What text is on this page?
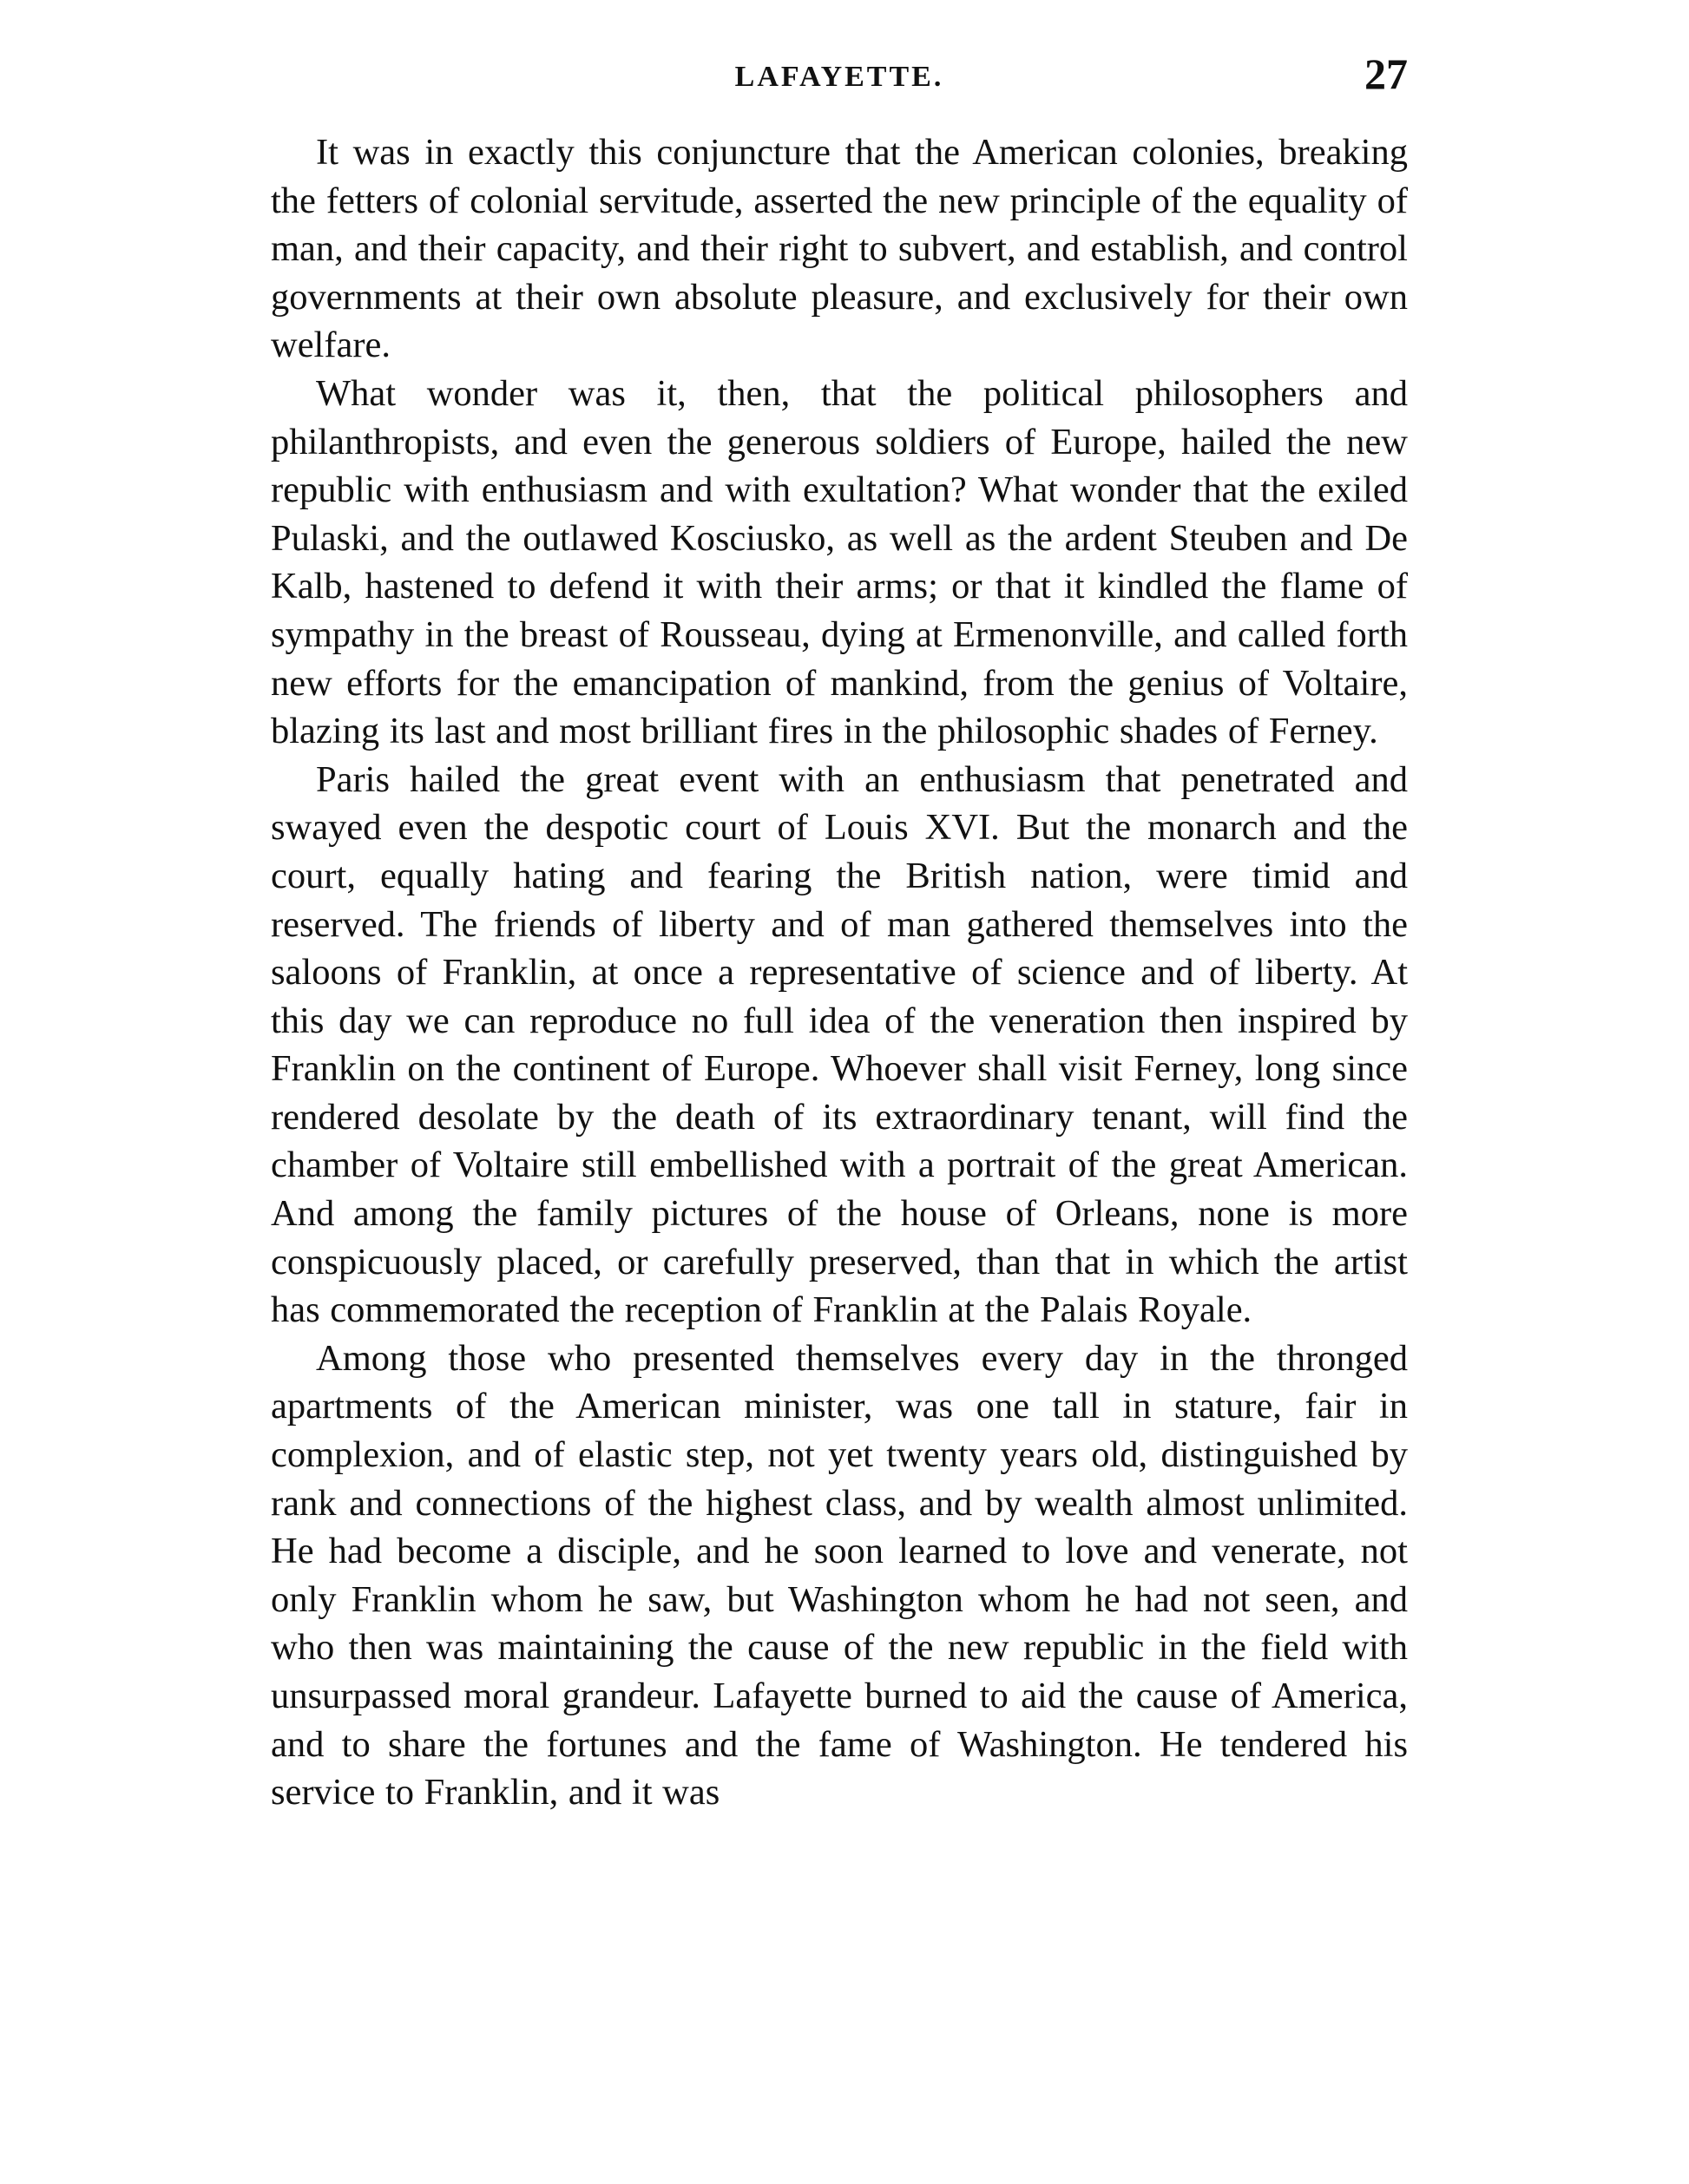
LAFAYETTE.	27

It was in exactly this conjuncture that the American colonies, breaking the fetters of colonial servitude, asserted the new principle of the equality of man, and their capacity, and their right to subvert, and establish, and control governments at their own absolute pleasure, and exclusively for their own welfare.

What wonder was it, then, that the political philosophers and philanthropists, and even the generous soldiers of Europe, hailed the new republic with enthusiasm and with exultation? What wonder that the exiled Pulaski, and the outlawed Kosciusko, as well as the ardent Steuben and De Kalb, hastened to defend it with their arms; or that it kindled the flame of sympathy in the breast of Rousseau, dying at Ermenonville, and called forth new efforts for the emancipation of mankind, from the genius of Voltaire, blazing its last and most brilliant fires in the philosophic shades of Ferney.

Paris hailed the great event with an enthusiasm that penetrated and swayed even the despotic court of Louis XVI. But the monarch and the court, equally hating and fearing the British nation, were timid and reserved. The friends of liberty and of man gathered themselves into the saloons of Franklin, at once a representative of science and of liberty. At this day we can reproduce no full idea of the veneration then inspired by Franklin on the continent of Europe. Whoever shall visit Ferney, long since rendered desolate by the death of its extraordinary tenant, will find the chamber of Voltaire still embellished with a portrait of the great American. And among the family pictures of the house of Orleans, none is more conspicuously placed, or carefully preserved, than that in which the artist has commemorated the reception of Franklin at the Palais Royale.

Among those who presented themselves every day in the thronged apartments of the American minister, was one tall in stature, fair in complexion, and of elastic step, not yet twenty years old, distinguished by rank and connections of the highest class, and by wealth almost unlimited. He had become a disciple, and he soon learned to love and venerate, not only Franklin whom he saw, but Washington whom he had not seen, and who then was maintaining the cause of the new republic in the field with unsurpassed moral grandeur. Lafayette burned to aid the cause of America, and to share the fortunes and the fame of Washington. He tendered his service to Franklin, and it was
